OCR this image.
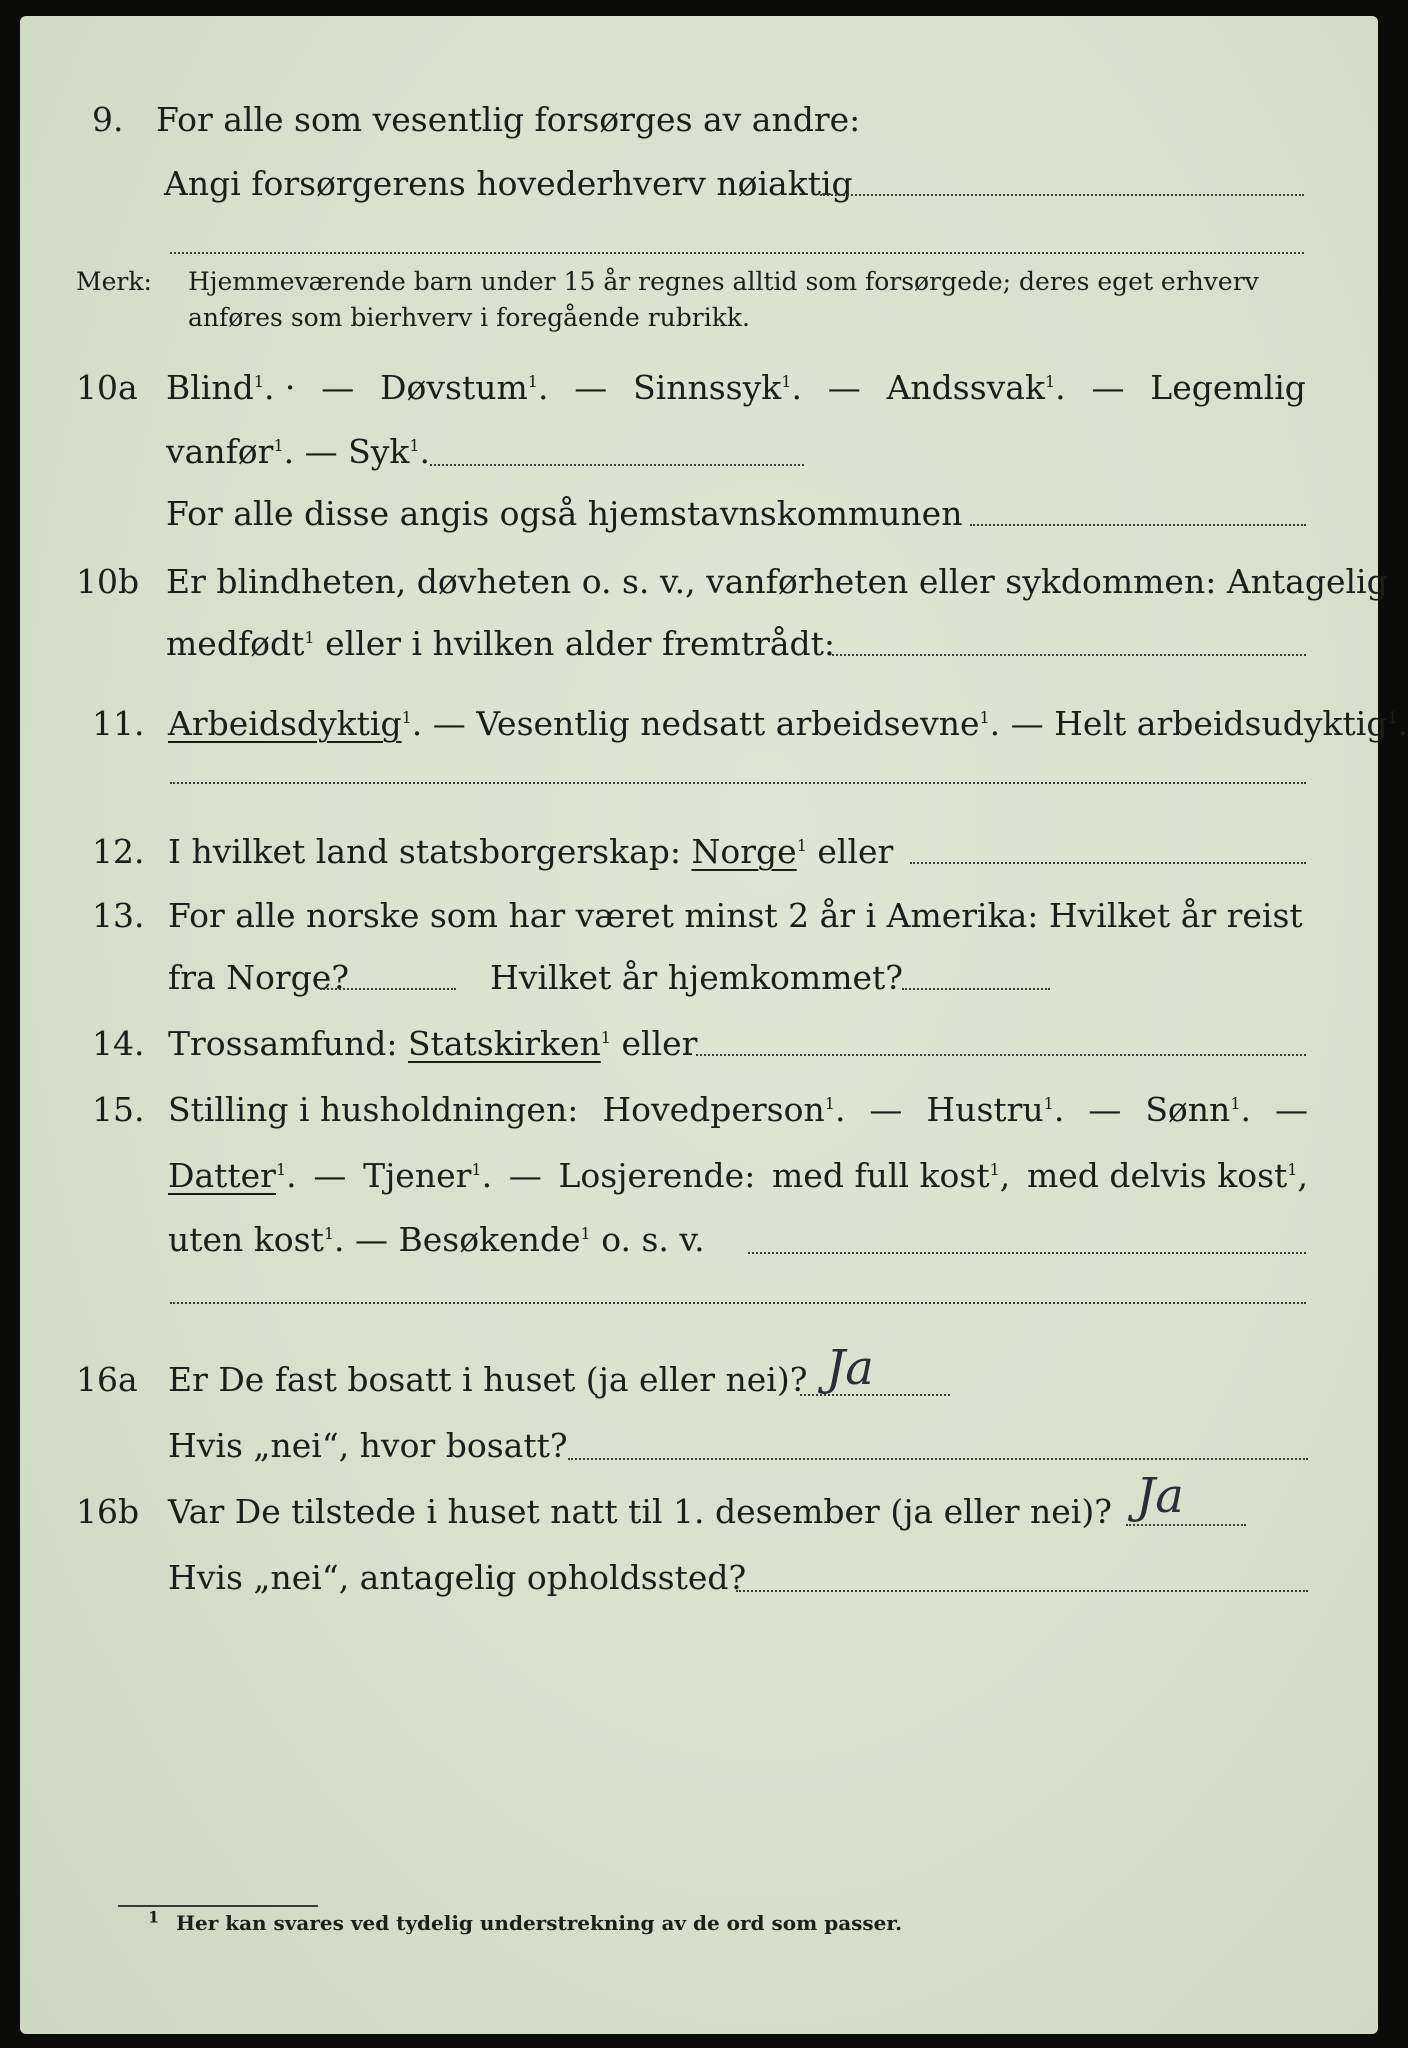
9. For alle som vesentlig forsørges av andre:
Angi forsørgerens hovederhverv nøiaktig
Merk: Hjemmeværende barn under 15 år regnes alltid som forsørgede; deres eget erhverv
anføres som bierhverv i foregående rubrikk.
10a Blind$^1$. · — Døvstum$^1$. — Sinnssyk$^1$. — Andssvak$^1$. — Legemlig
vanfør$^1$. — Syk$^1$.
For alle disse angis også hjemstavnskommunen
10b Er blindheten, døvheten o. s. v., vanførheten eller sykdommen: Antagelig
medfødt$^1$ eller i hvilken alder fremtrådt:
11. Arbeidsdyktig$^1$. — Vesentlig nedsatt arbeidsevne$^1$. — Helt arbeidsudyktig$^1$.
12. I hvilket land statsborgerskap: Norge$^1$ eller
13. For alle norske som har været minst 2 år i Amerika: Hvilket år reist
fra Norge?	Hvilket år hjemkommet?
14. Trossamfund: Statskirken$^1$ eller
15. Stilling i husholdningen: Hovedperson$^1$. — Hustru$^1$. — Sønn$^1$. —
Datter$^1$. — Tjener$^1$. — Losjerende: med full kost$^1$, med delvis kost$^1$,
uten kost$^1$. — Besøkende$^1$ o. s. v.
16a Er De fast bosatt i huset (ja eller nei)? Ja
Hvis „nei“, hvor bosatt?
16b Var De tilstede i huset natt til 1. desember (ja eller nei)? Ja
Hvis „nei“, antagelig opholdssted?
$^1$ Her kan svares ved tydelig understrekning av de ord som passer.
